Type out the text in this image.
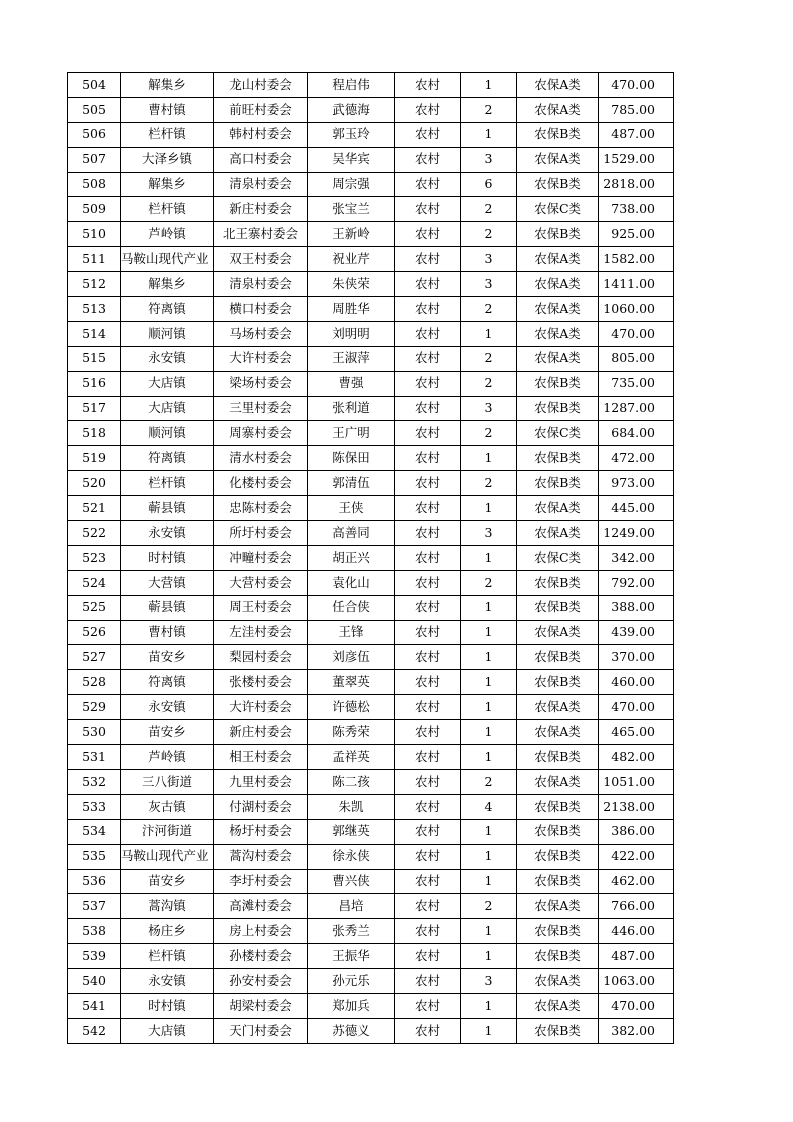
504	解集乡	龙山村委会	程启伟	农村	1	农保A类	470.00
505	曹村镇	前旺村委会	武德海	农村	2	农保A类	785.00
506	栏杆镇	韩村村委会	郭玉玲	农村	1	农保B类	487.00
507	大泽乡镇	高口村委会	吴华宾	农村	3	农保A类	1529.00
508	解集乡	清泉村委会	周宗强	农村	6	农保B类	2818.00
509	栏杆镇	新庄村委会	张宝兰	农村	2	农保C类	738.00
510	芦岭镇	北王寨村委会	王新岭	农村	2	农保B类	925.00
511	马鞍山现代产业	双王村委会	祝业芹	农村	3	农保A类	1582.00
512	解集乡	清泉村委会	朱侠荣	农村	3	农保A类	1411.00
513	符离镇	横口村委会	周胜华	农村	2	农保A类	1060.00
514	顺河镇	马场村委会	刘明明	农村	1	农保A类	470.00
515	永安镇	大许村委会	王淑萍	农村	2	农保A类	805.00
516	大店镇	梁场村委会	曹强	农村	2	农保B类	735.00
517	大店镇	三里村委会	张利道	农村	3	农保B类	1287.00
518	顺河镇	周寨村委会	王广明	农村	2	农保C类	684.00
519	符离镇	清水村委会	陈保田	农村	1	农保B类	472.00
520	栏杆镇	化楼村委会	郭清伍	农村	2	农保B类	973.00
521	蕲县镇	忠陈村委会	王侠	农村	1	农保A类	445.00
522	永安镇	所圩村委会	高善同	农村	3	农保A类	1249.00
523	时村镇	冲疃村委会	胡正兴	农村	1	农保C类	342.00
524	大营镇	大营村委会	袁化山	农村	2	农保B类	792.00
525	蕲县镇	周王村委会	任合侠	农村	1	农保B类	388.00
526	曹村镇	左洼村委会	王锋	农村	1	农保A类	439.00
527	苗安乡	梨园村委会	刘彦伍	农村	1	农保B类	370.00
528	符离镇	张楼村委会	董翠英	农村	1	农保B类	460.00
529	永安镇	大许村委会	许德松	农村	1	农保A类	470.00
530	苗安乡	新庄村委会	陈秀荣	农村	1	农保A类	465.00
531	芦岭镇	相王村委会	孟祥英	农村	1	农保B类	482.00
532	三八街道	九里村委会	陈二孩	农村	2	农保A类	1051.00
533	灰古镇	付湖村委会	朱凯	农村	4	农保B类	2138.00
534	汴河街道	杨圩村委会	郭继英	农村	1	农保B类	386.00
535	马鞍山现代产业	蒿沟村委会	徐永侠	农村	1	农保B类	422.00
536	苗安乡	李圩村委会	曹兴侠	农村	1	农保B类	462.00
537	蒿沟镇	高滩村委会	昌培	农村	2	农保A类	766.00
538	杨庄乡	房上村委会	张秀兰	农村	1	农保B类	446.00
539	栏杆镇	孙楼村委会	王振华	农村	1	农保B类	487.00
540	永安镇	孙安村委会	孙元乐	农村	3	农保A类	1063.00
541	时村镇	胡梁村委会	郑加兵	农村	1	农保A类	470.00
542	大店镇	天门村委会	苏德义	农村	1	农保B类	382.00
